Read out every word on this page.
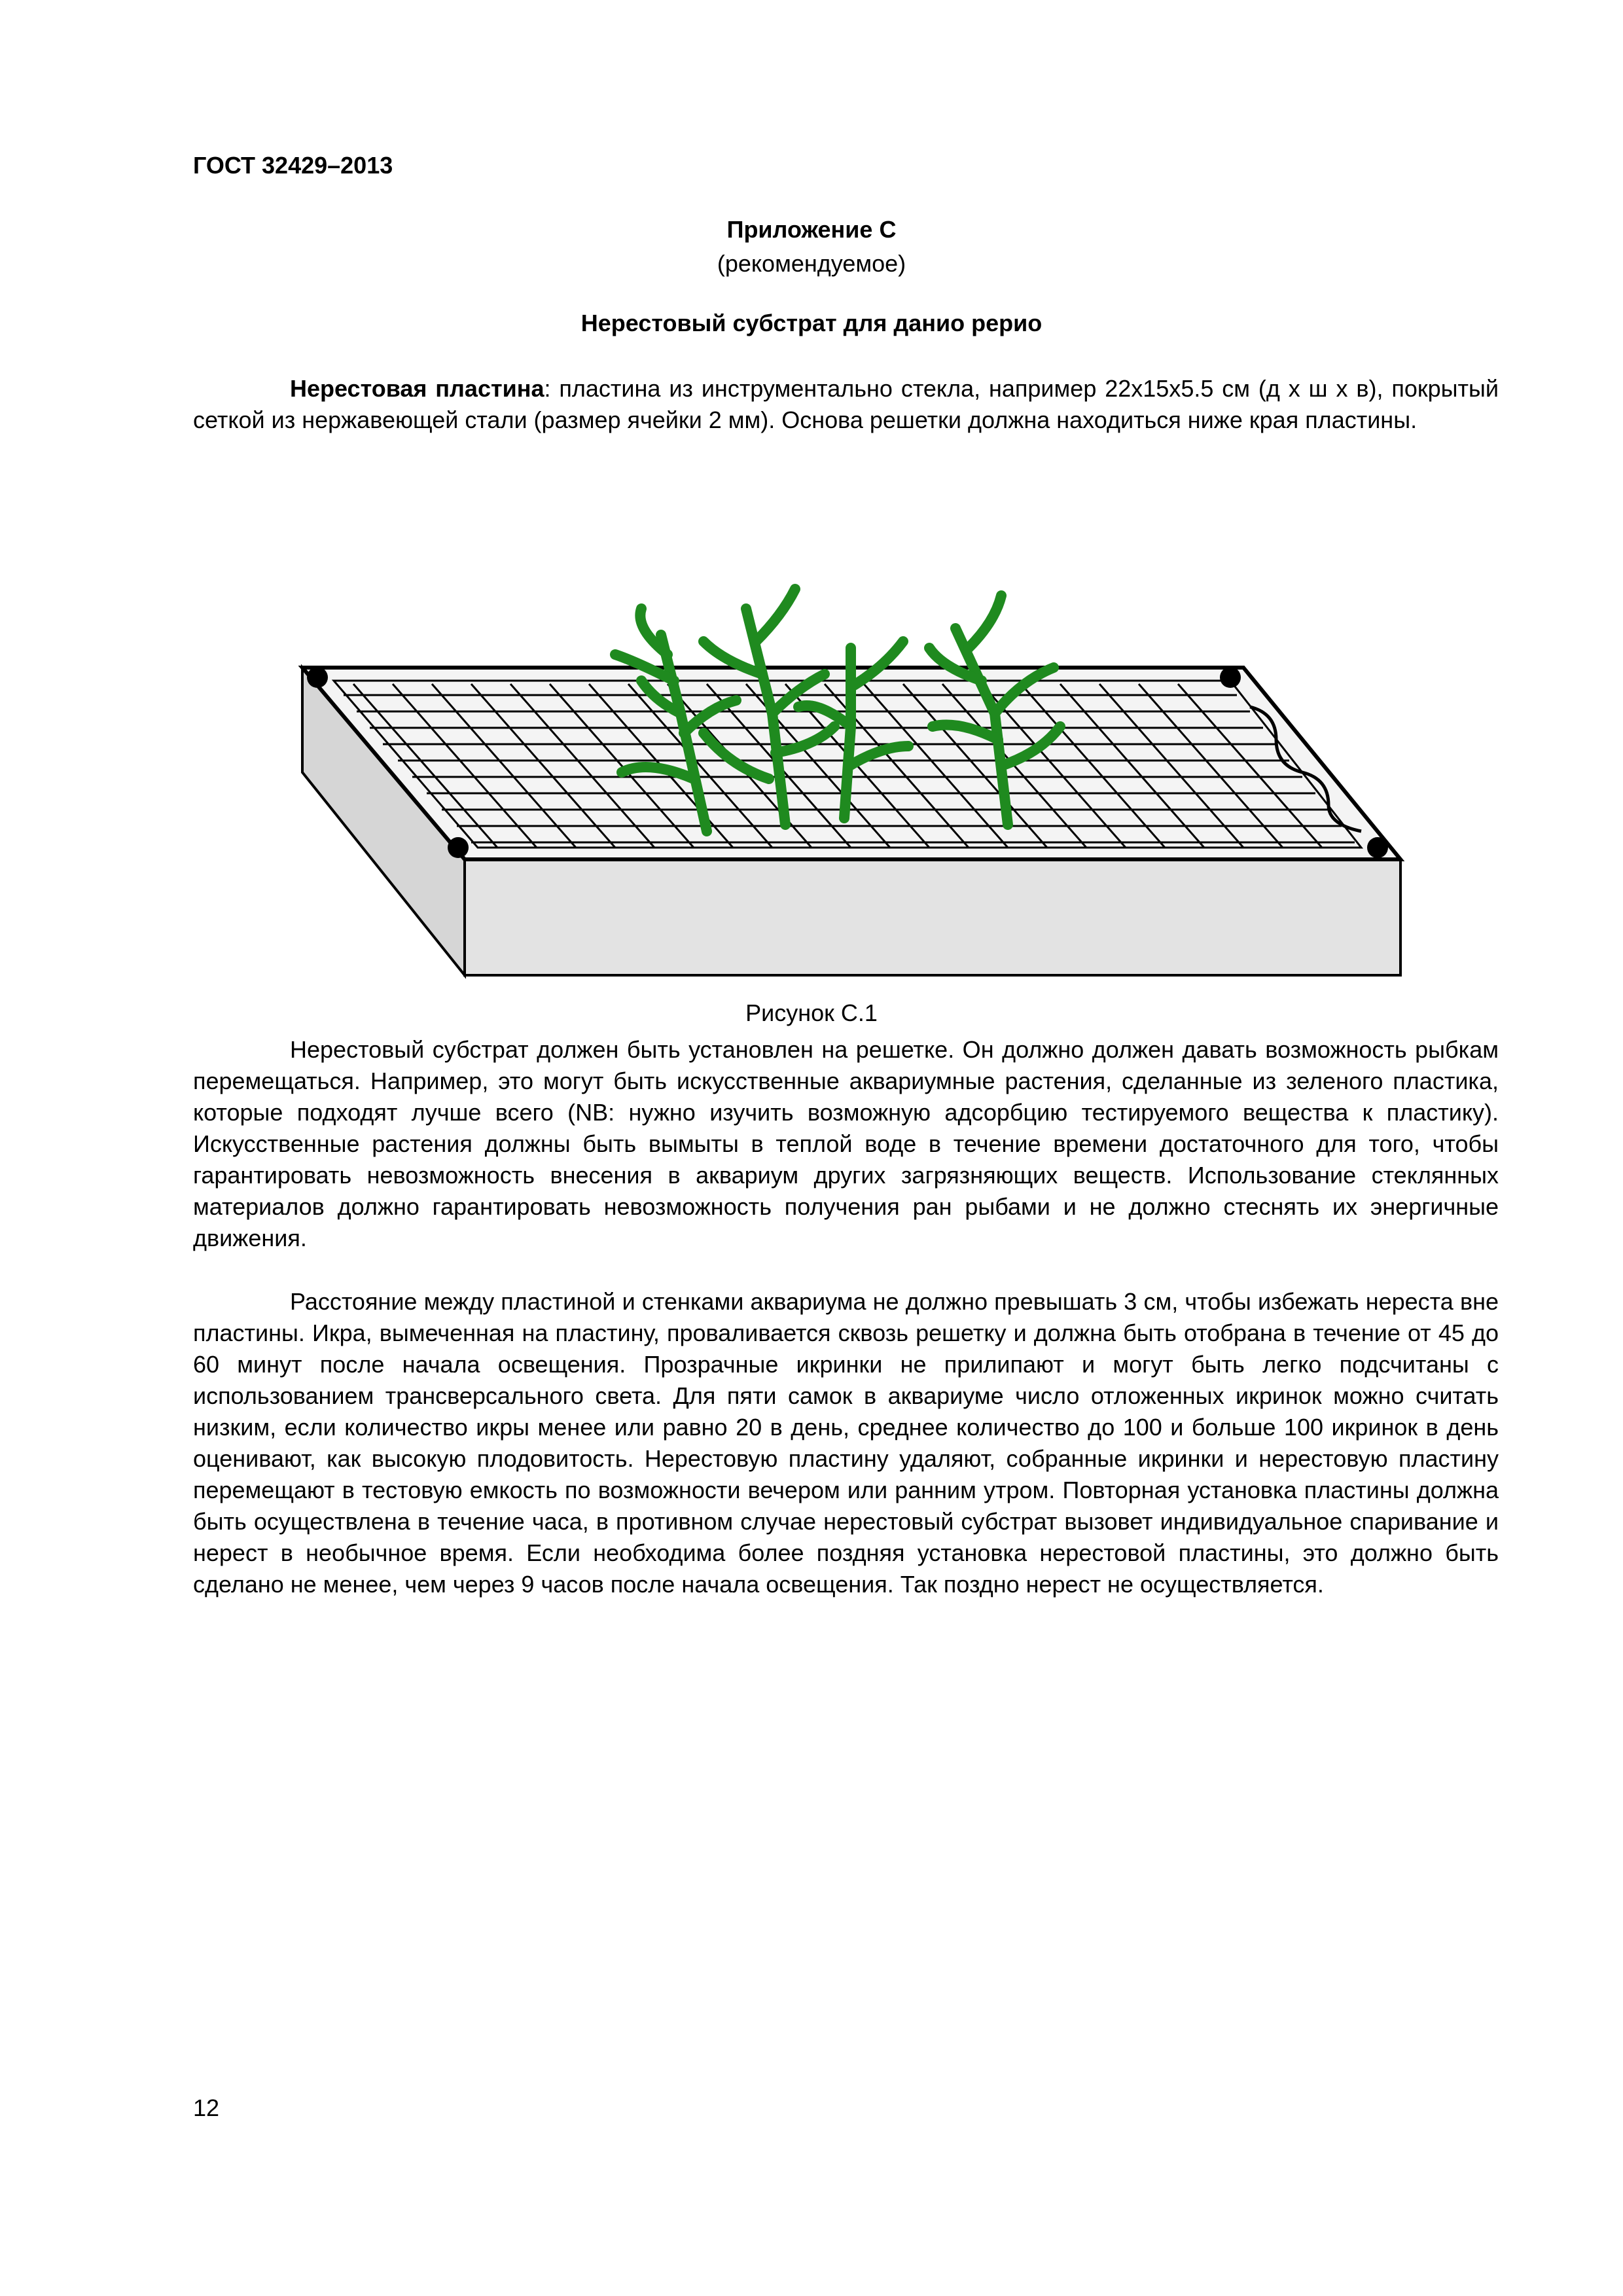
ГОСТ 32429–2013

Приложение С

(рекомендуемое)

Нерестовый субстрат для данио рерио

Нерестовая пластина: пластина из инструментально стекла, например 22x15x5.5 см (д х ш х в), покрытый сеткой из нержавеющей стали (размер ячейки 2 мм). Основа решетки должна находиться ниже края пластины.

Рисунок С.1

Нерестовый субстрат должен быть установлен на решетке. Он должно должен давать возможность рыбкам перемещаться. Например, это могут быть искусственные аквариумные растения, сделанные из зеленого пластика, которые подходят лучше всего (NB: нужно изучить возможную адсорбцию тестируемого вещества к пластику). Искусственные растения должны быть вымыты в теплой воде в течение времени достаточного для того, чтобы гарантировать невозможность внесения в аквариум других загрязняющих веществ. Использование стеклянных материалов должно гарантировать невозможность получения ран рыбами и не должно стеснять их энергичные движения.

Расстояние между пластиной и стенками аквариума не должно превышать 3 см, чтобы избежать нереста вне пластины. Икра, вымеченная на пластину, проваливается сквозь решетку и должна быть отобрана в течение от 45 до 60 минут после начала освещения. Прозрачные икринки не прилипают и могут быть легко подсчитаны с использованием трансверсального света. Для пяти самок в аквариуме число отложенных икринок можно считать низким, если количество икры менее или равно 20 в день, среднее количество до 100 и больше 100 икринок в день оценивают, как высокую плодовитость. Нерестовую пластину удаляют, собранные икринки и нерестовую пластину перемещают в тестовую емкость по возможности вечером или ранним утром. Повторная установка пластины должна быть осуществлена в течение часа, в противном случае нерестовый субстрат вызовет индивидуальное спаривание и нерест в необычное время. Если необходима более поздняя установка нерестовой пластины, это должно быть сделано не менее, чем через 9 часов после начала освещения. Так поздно нерест не осуществляется.

12
